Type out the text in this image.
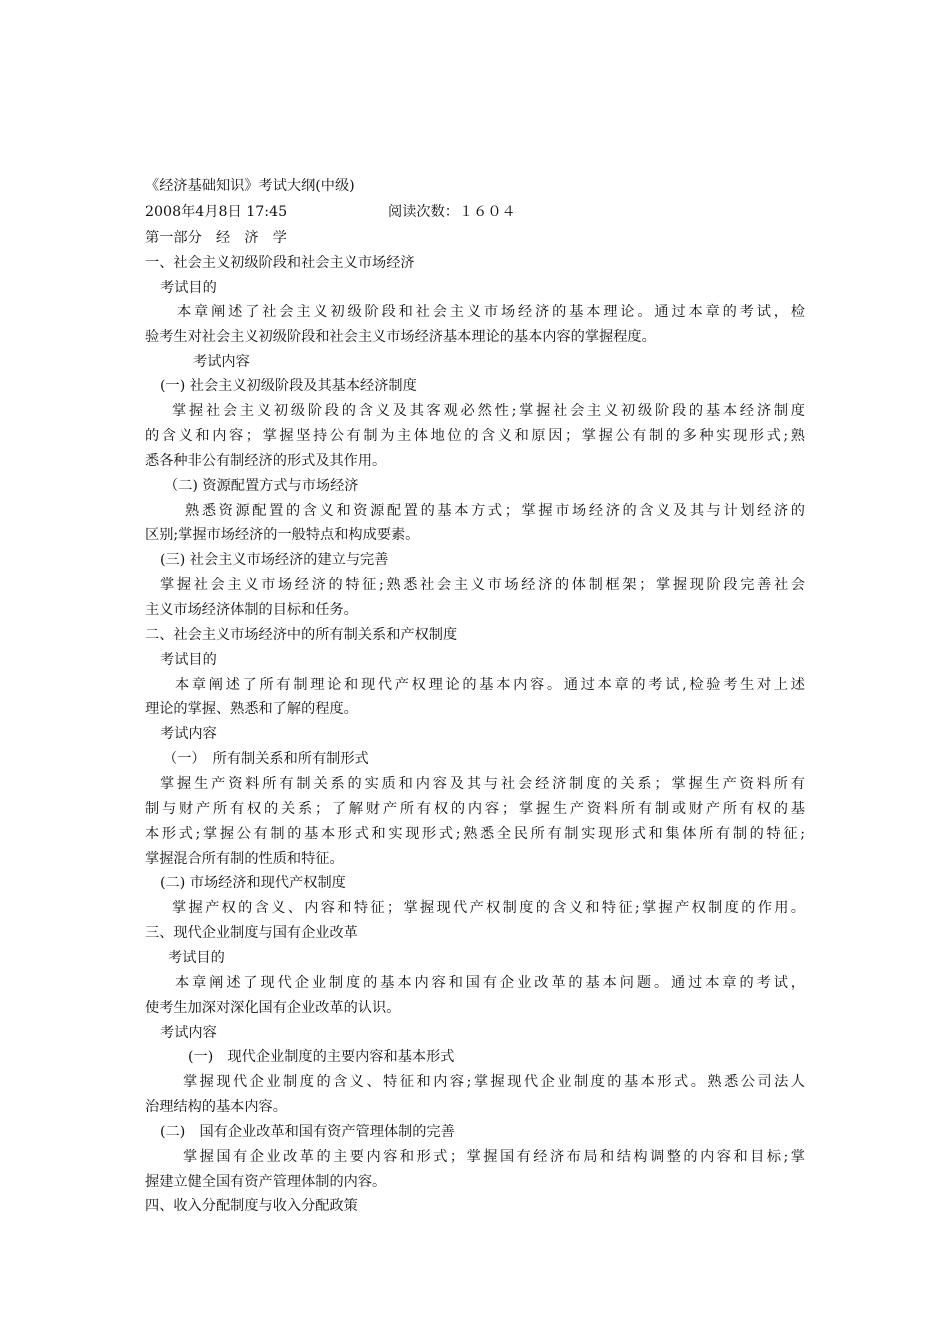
《经济基础知识》考试大纲(中级)
2008年4月8日 17:45	阅读次数：１６０４
第一部分　经　济　学
一、社会主义初级阶段和社会主义市场经济
考试目的
本章阐述了社会主义初级阶段和社会主义市场经济的基本理论。通过本章的考试，检
验考生对社会主义初级阶段和社会主义市场经济基本理论的基本内容的掌握程度。
考试内容
(一) 社会主义初级阶段及其基本经济制度
掌握社会主义初级阶段的含义及其客观必然性;掌握社会主义初级阶段的基本经济制度
的含义和内容；掌握坚持公有制为主体地位的含义和原因；掌握公有制的多种实现形式;熟
悉各种非公有制经济的形式及其作用。
（二) 资源配置方式与市场经济
熟悉资源配置的含义和资源配置的基本方式；掌握市场经济的含义及其与计划经济的
区别;掌握市场经济的一般特点和构成要素。
(三) 社会主义市场经济的建立与完善
掌握社会主义市场经济的特征;熟悉社会主义市场经济的体制框架；掌握现阶段完善社会
主义市场经济体制的目标和任务。
二、社会主义市场经济中的所有制关系和产权制度
考试目的
本章阐述了所有制理论和现代产权理论的基本内容。通过本章的考试,检验考生对上述
理论的掌握、熟悉和了解的程度。
考试内容
（一）　所有制关系和所有制形式
掌握生产资料所有制关系的实质和内容及其与社会经济制度的关系；掌握生产资料所有
制与财产所有权的关系；了解财产所有权的内容；掌握生产资料所有制或财产所有权的基
本形式;掌握公有制的基本形式和实现形式;熟悉全民所有制实现形式和集体所有制的特征;
掌握混合所有制的性质和特征。
(二) 市场经济和现代产权制度
掌握产权的含义、内容和特征；掌握现代产权制度的含义和特征;掌握产权制度的作用。
三、现代企业制度与国有企业改革
考试目的
本章阐述了现代企业制度的基本内容和国有企业改革的基本问题。通过本章的考试，
使考生加深对深化国有企业改革的认识。
考试内容
(一)　现代企业制度的主要内容和基本形式
掌握现代企业制度的含义、特征和内容;掌握现代企业制度的基本形式。熟悉公司法人
治理结构的基本内容。
(二)　国有企业改革和国有资产管理体制的完善
掌握国有企业改革的主要内容和形式；掌握国有经济布局和结构调整的内容和目标;掌
握建立健全国有资产管理体制的内容。
四、收入分配制度与收入分配政策
